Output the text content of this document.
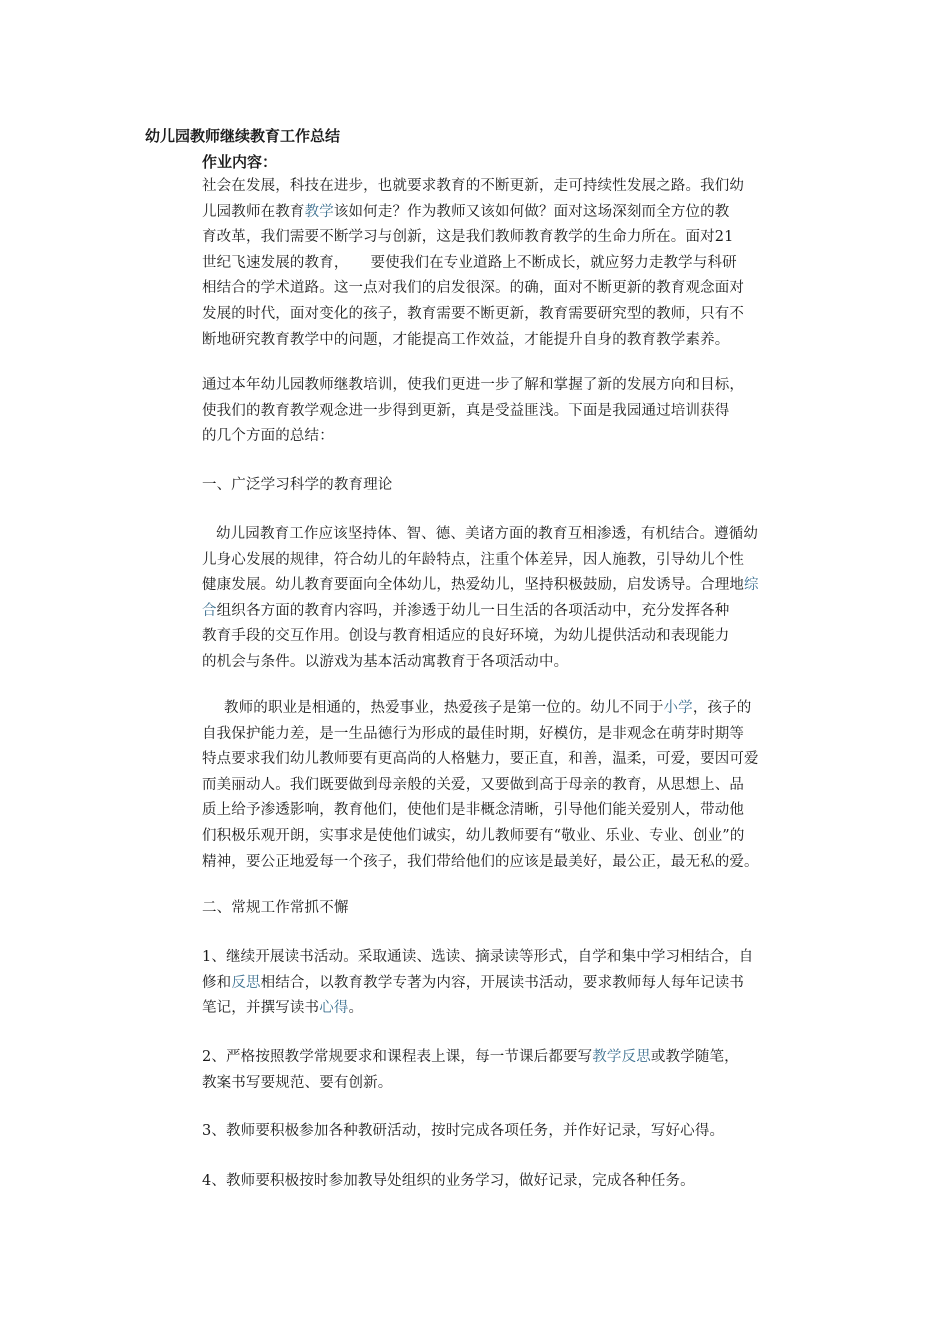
幼儿园教师继续教育工作总结
作业内容：
社会在发展，科技在进步，也就要求教育的不断更新，走可持续性发展之路。我们幼
儿园教师在教育教学该如何走？作为教师又该如何做？面对这场深刻而全方位的教
育改革，我们需要不断学习与创新，这是我们教师教育教学的生命力所在。面对21
世纪飞速发展的教育， 要使我们在专业道路上不断成长，就应努力走教学与科研
相结合的学术道路。这一点对我们的启发很深。的确，面对不断更新的教育观念面对
发展的时代，面对变化的孩子，教育需要不断更新，教育需要研究型的教师，只有不
断地研究教育教学中的问题，才能提高工作效益，才能提升自身的教育教学素养。
通过本年幼儿园教师继教培训，使我们更进一步了解和掌握了新的发展方向和目标，
使我们的教育教学观念进一步得到更新，真是受益匪浅。下面是我园通过培训获得
的几个方面的总结：
一、广泛学习科学的教育理论
幼儿园教育工作应该坚持体、智、德、美诸方面的教育互相渗透，有机结合。遵循幼
儿身心发展的规律，符合幼儿的年龄特点，注重个体差异，因人施教，引导幼儿个性
健康发展。幼儿教育要面向全体幼儿，热爱幼儿，坚持积极鼓励，启发诱导。合理地综
合组织各方面的教育内容吗，并渗透于幼儿一日生活的各项活动中，充分发挥各种
教育手段的交互作用。创设与教育相适应的良好环境，为幼儿提供活动和表现能力
的机会与条件。以游戏为基本活动寓教育于各项活动中。
教师的职业是相通的，热爱事业，热爱孩子是第一位的。幼儿不同于小学，孩子的
自我保护能力差，是一生品德行为形成的最佳时期，好模仿，是非观念在萌芽时期等
特点要求我们幼儿教师要有更高尚的人格魅力，要正直，和善，温柔，可爱，要因可爱
而美丽动人。我们既要做到母亲般的关爱，又要做到高于母亲的教育，从思想上、品
质上给予渗透影响，教育他们，使他们是非概念清晰，引导他们能关爱别人，带动他
们积极乐观开朗，实事求是使他们诚实，幼儿教师要有“敬业、乐业、专业、创业”的
精神，要公正地爱每一个孩子，我们带给他们的应该是最美好，最公正，最无私的爱。
二、常规工作常抓不懈
1、继续开展读书活动。采取通读、选读、摘录读等形式，自学和集中学习相结合，自
修和反思相结合，以教育教学专著为内容，开展读书活动，要求教师每人每年记读书
笔记，并撰写读书心得。
2、严格按照教学常规要求和课程表上课，每一节课后都要写教学反思或教学随笔，
教案书写要规范、要有创新。
3、教师要积极参加各种教研活动，按时完成各项任务，并作好记录，写好心得。
4、教师要积极按时参加教导处组织的业务学习，做好记录，完成各种任务。
